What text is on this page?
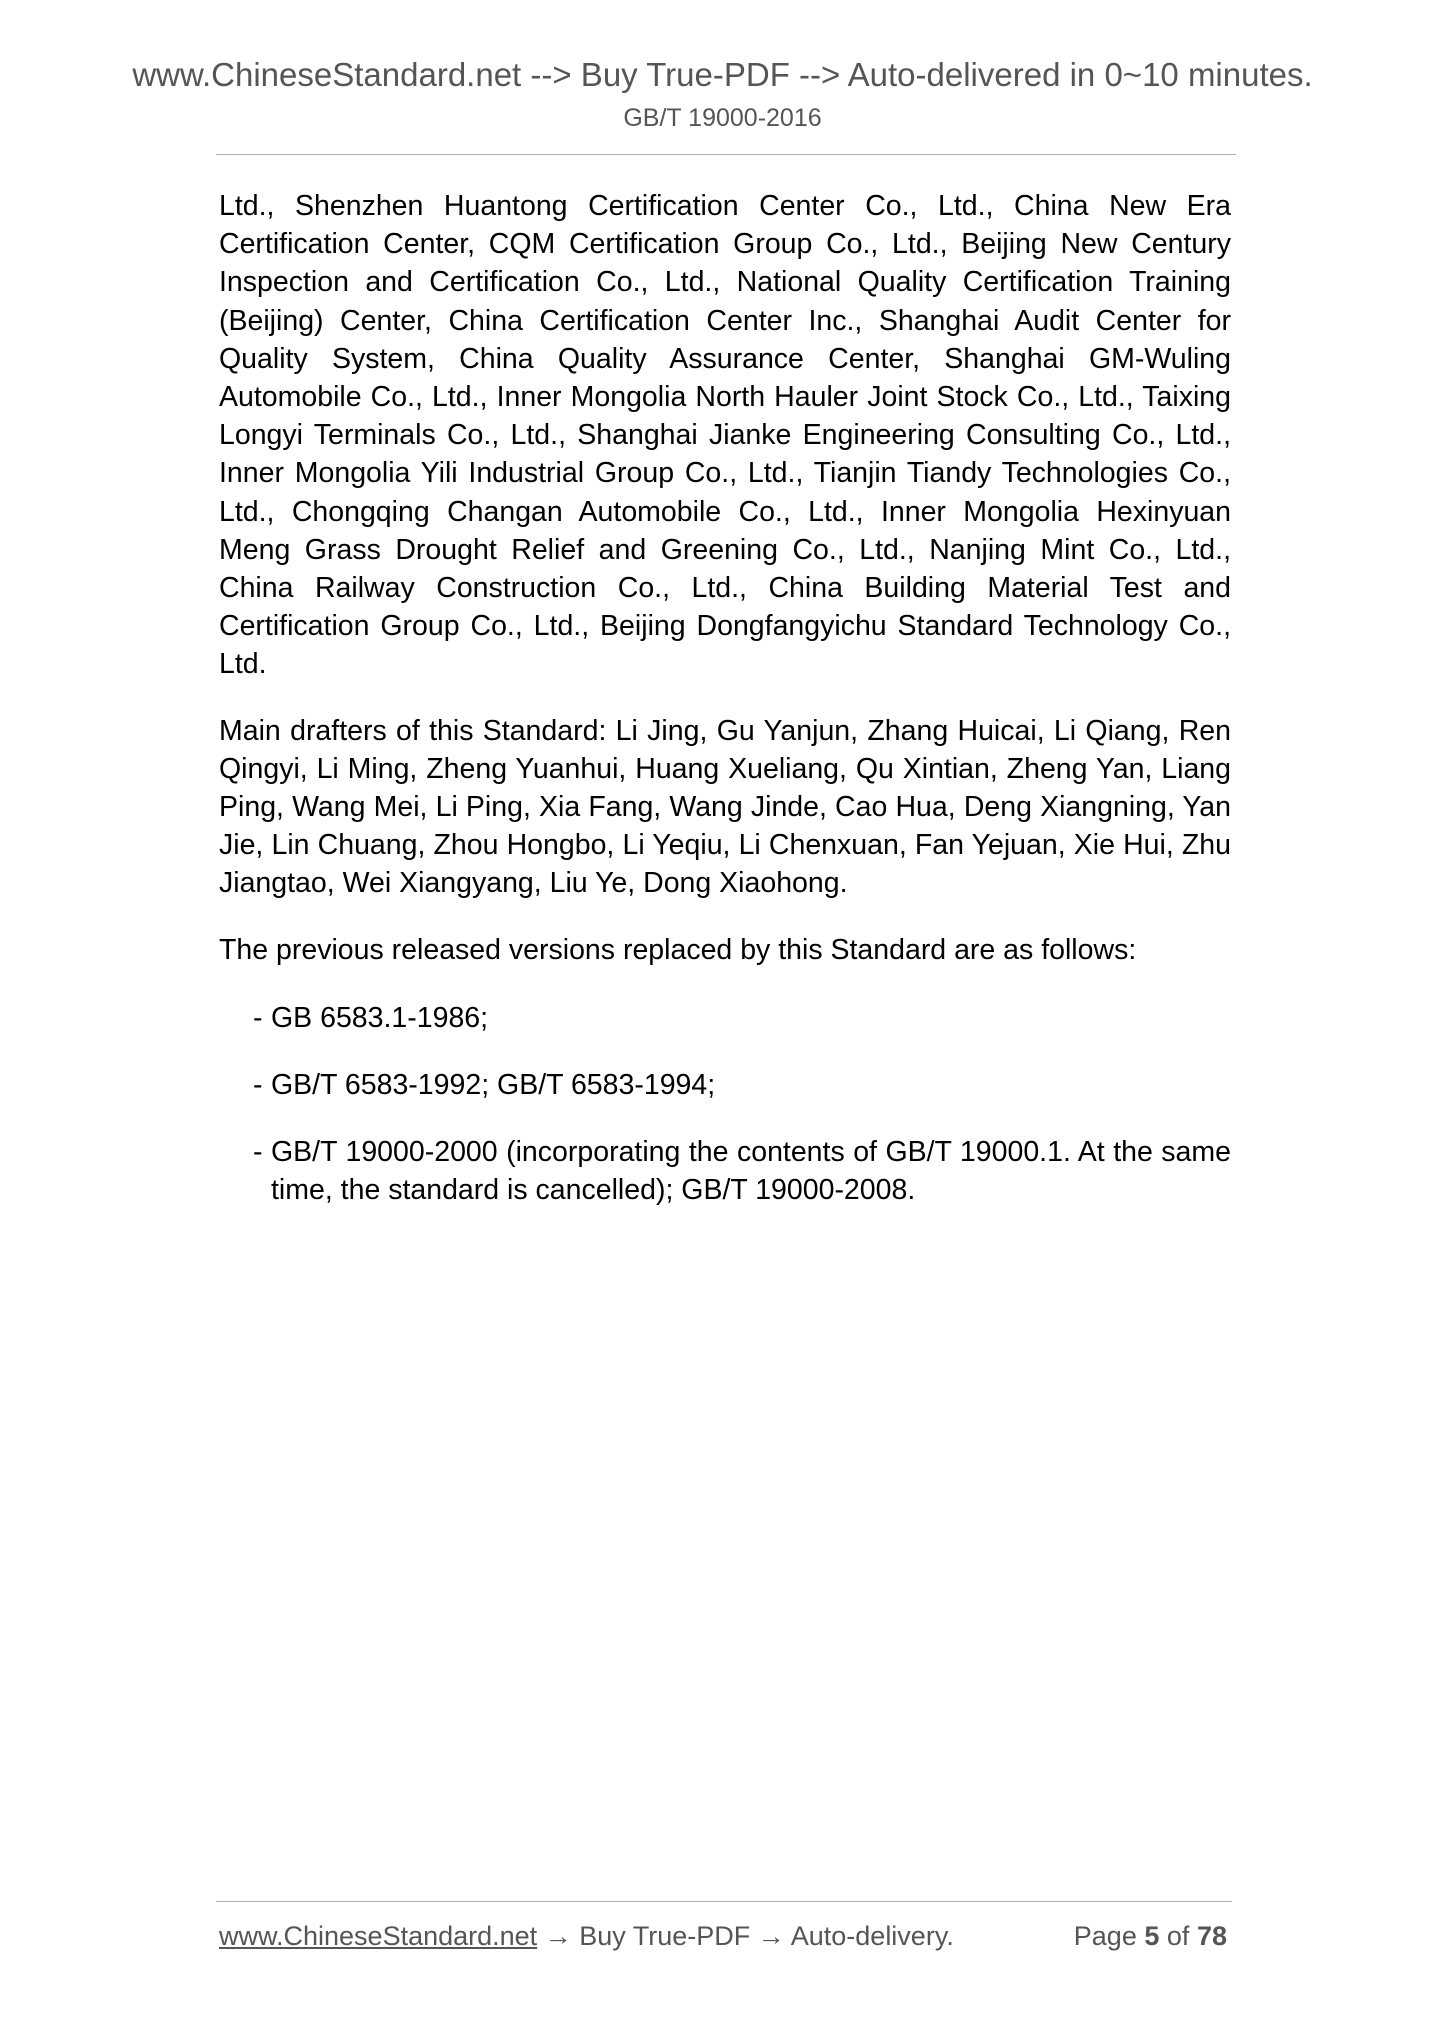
www.ChineseStandard.net --> Buy True-PDF --> Auto-delivered in 0~10 minutes.
GB/T 19000-2016

Ltd., Shenzhen Huantong Certification Center Co., Ltd., China New Era Certification Center, CQM Certification Group Co., Ltd., Beijing New Century Inspection and Certification Co., Ltd., National Quality Certification Training (Beijing) Center, China Certification Center Inc., Shanghai Audit Center for Quality System, China Quality Assurance Center, Shanghai GM-Wuling Automobile Co., Ltd., Inner Mongolia North Hauler Joint Stock Co., Ltd., Taixing Longyi Terminals Co., Ltd., Shanghai Jianke Engineering Consulting Co., Ltd., Inner Mongolia Yili Industrial Group Co., Ltd., Tianjin Tiandy Technologies Co., Ltd., Chongqing Changan Automobile Co., Ltd., Inner Mongolia Hexinyuan Meng Grass Drought Relief and Greening Co., Ltd., Nanjing Mint Co., Ltd., China Railway Construction Co., Ltd., China Building Material Test and Certification Group Co., Ltd., Beijing Dongfangyichu Standard Technology Co., Ltd.

Main drafters of this Standard: Li Jing, Gu Yanjun, Zhang Huicai, Li Qiang, Ren Qingyi, Li Ming, Zheng Yuanhui, Huang Xueliang, Qu Xintian, Zheng Yan, Liang Ping, Wang Mei, Li Ping, Xia Fang, Wang Jinde, Cao Hua, Deng Xiangning, Yan Jie, Lin Chuang, Zhou Hongbo, Li Yeqiu, Li Chenxuan, Fan Yejuan, Xie Hui, Zhu Jiangtao, Wei Xiangyang, Liu Ye, Dong Xiaohong.

The previous released versions replaced by this Standard are as follows:

- GB 6583.1-1986;
- GB/T 6583-1992; GB/T 6583-1994;
- GB/T 19000-2000 (incorporating the contents of GB/T 19000.1. At the same time, the standard is cancelled); GB/T 19000-2008.
www.ChineseStandard.net → Buy True-PDF → Auto-delivery.	Page 5 of 78
